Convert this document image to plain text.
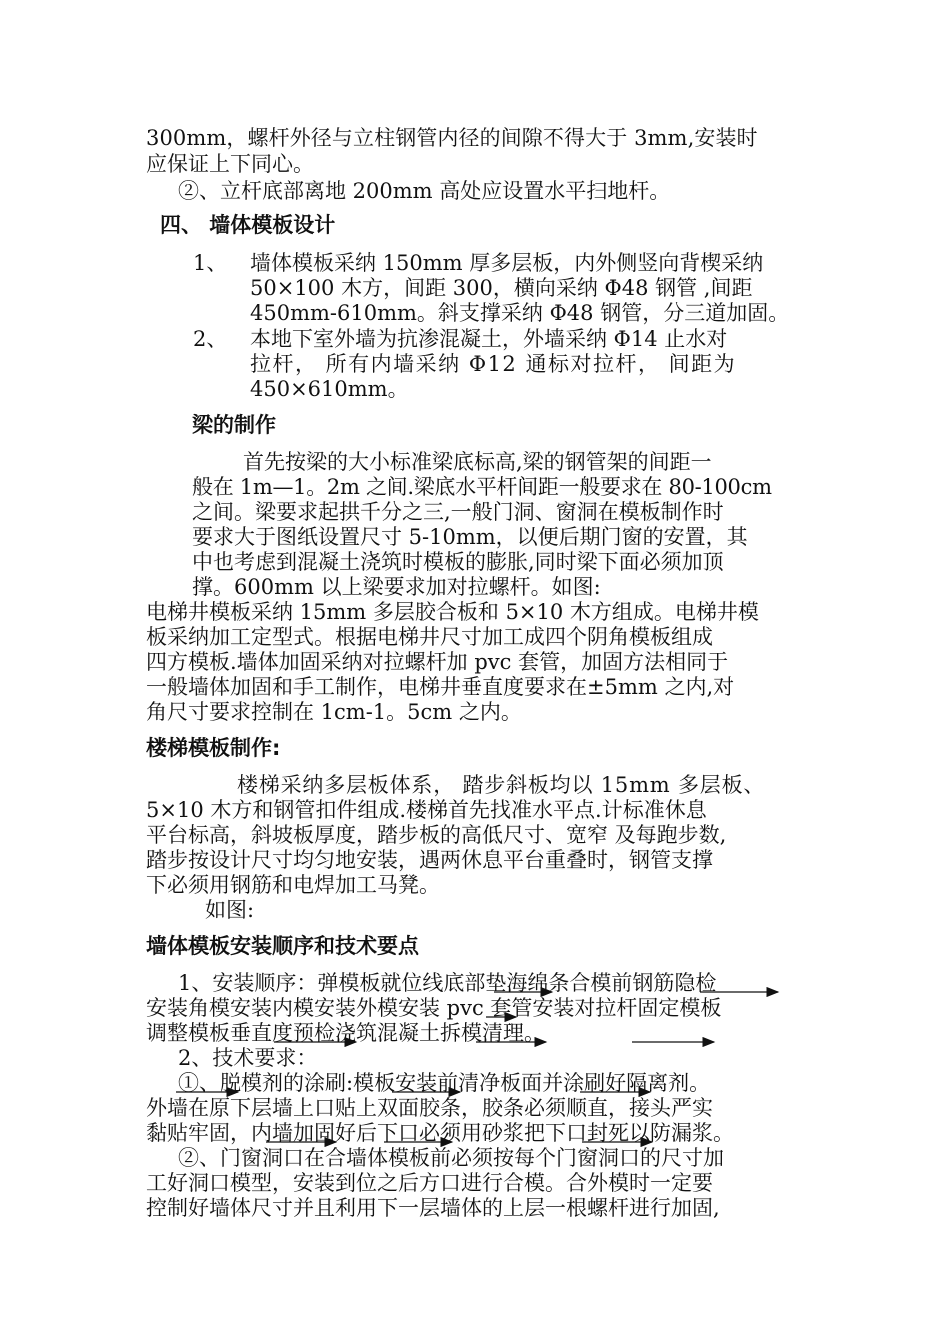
300mm，螺杆外径与立柱钢管内径的间隙不得大于 3mm,安装时
应保证上下同心。
②、立杆底部离地 200mm 高处应设置水平扫地杆。
四、 墙体模板设计
1、 墙体模板采纳 150mm 厚多层板，内外侧竖向背楔采纳
50×100 木方，间距 300，横向采纳 Φ48 钢管 ,间距
450mm-610mm。斜支撑采纳 Φ48 钢管，分三道加固。
2、 本地下室外墙为抗渗混凝土，外墙采纳 Φ14 止水对
拉杆， 所有内墙采纳 Φ12 通标对拉杆， 间距为
450×610mm。
梁的制作
首先按梁的大小标准梁底标高,梁的钢管架的间距一
般在 1m—1。2m 之间.梁底水平杆间距一般要求在 80-100cm
之间。梁要求起拱千分之三,一般门洞、窗洞在模板制作时
要求大于图纸设置尺寸 5-10mm，以便后期门窗的安置，其
中也考虑到混凝土浇筑时模板的膨胀,同时梁下面必须加顶
撑。600mm 以上梁要求加对拉螺杆。如图:
电梯井模板采纳 15mm 多层胶合板和 5×10 木方组成。电梯井模
板采纳加工定型式。根据电梯井尺寸加工成四个阴角模板组成
四方模板.墙体加固采纳对拉螺杆加 pvc 套管，加固方法相同于
一般墙体加固和手工制作，电梯井垂直度要求在±5mm 之内,对
角尺寸要求控制在 1cm-1。5cm 之内。
楼梯模板制作:
楼梯采纳多层板体系， 踏步斜板均以 15mm 多层板、
5×10 木方和钢管扣件组成.楼梯首先找准水平点.计标准休息
平台标高，斜坡板厚度，踏步板的高低尺寸、宽窄 及每跑步数,
踏步按设计尺寸均匀地安装，遇两休息平台重叠时，钢管支撑
下必须用钢筋和电焊加工马凳。
如图:
墙体模板安装顺序和技术要点
1、安装顺序：弹模板就位线底部垫海绵条合模前钢筋隐检
安装角模安装内模安装外模安装 pvc 套管安装对拉杆固定模板
调整模板垂直度预检浇筑混凝土拆模清理。
2、技术要求：
①、脱模剂的涂刷:模板安装前清净板面并涂刷好隔离剂。
外墙在原下层墙上口贴上双面胶条，胶条必须顺直，接头严实
黏贴牢固，内墙加固好后下口必须用砂浆把下口封死以防漏浆。
②、门窗洞口在合墙体模板前必须按每个门窗洞口的尺寸加
工好洞口模型，安装到位之后方口进行合模。合外模时一定要
控制好墙体尺寸并且利用下一层墙体的上层一根螺杆进行加固,
